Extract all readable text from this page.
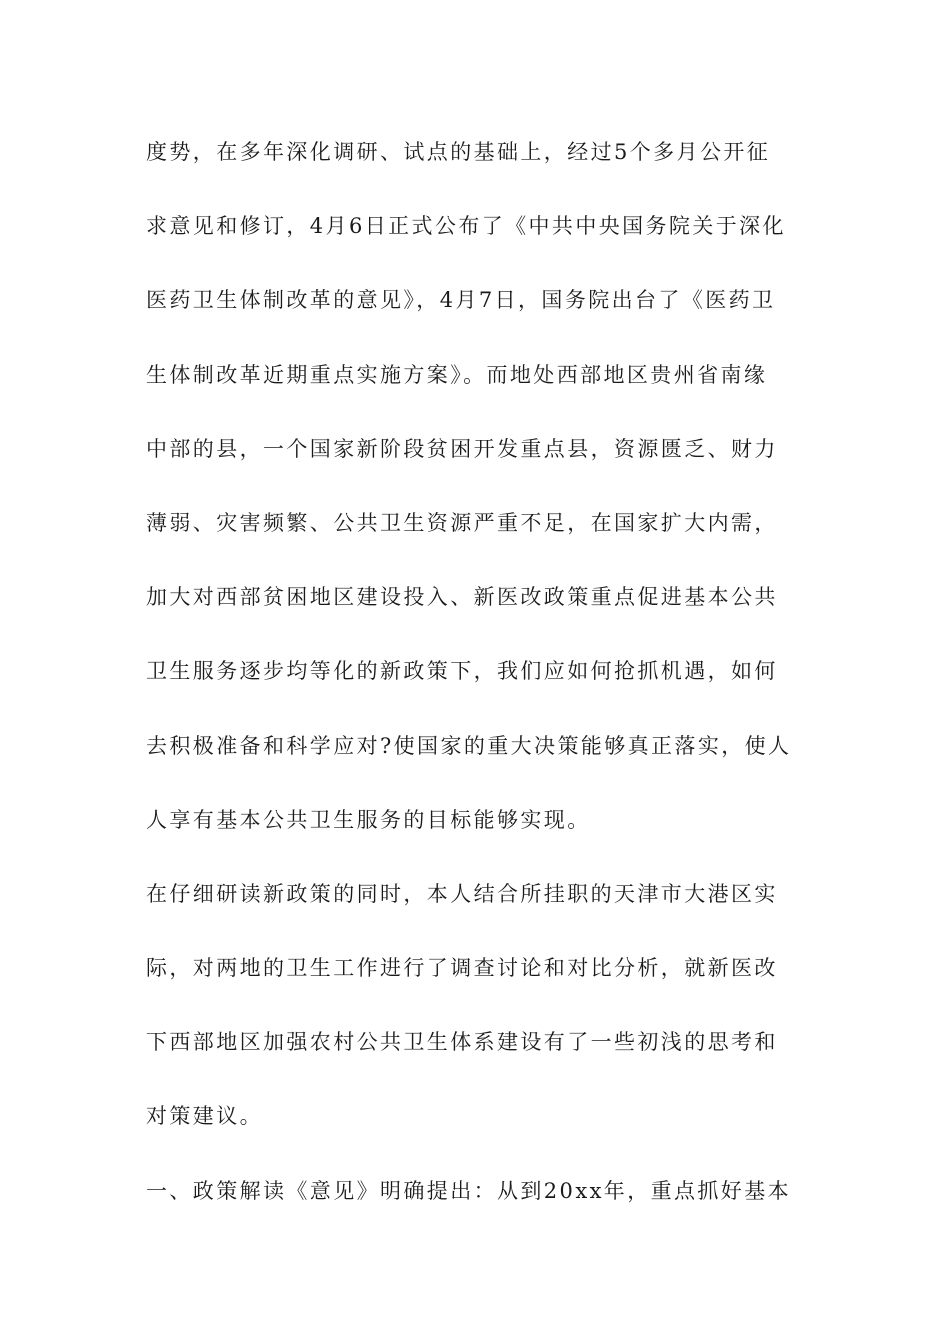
度势，在多年深化调研、试点的基础上，经过5个多月公开征
求意见和修订，4月6日正式公布了《中共中央国务院关于深化
医药卫生体制改革的意见》，4月7日，国务院出台了《医药卫
生体制改革近期重点实施方案》。而地处西部地区贵州省南缘
中部的县，一个国家新阶段贫困开发重点县，资源匮乏、财力
薄弱、灾害频繁、公共卫生资源严重不足，在国家扩大内需，
加大对西部贫困地区建设投入、新医改政策重点促进基本公共
卫生服务逐步均等化的新政策下，我们应如何抢抓机遇，如何
去积极准备和科学应对?使国家的重大决策能够真正落实，使人
人享有基本公共卫生服务的目标能够实现。
在仔细研读新政策的同时，本人结合所挂职的天津市大港区实
际，对两地的卫生工作进行了调查讨论和对比分析，就新医改
下西部地区加强农村公共卫生体系建设有了一些初浅的思考和
对策建议。
一、政策解读《意见》明确提出：从到20xx年，重点抓好基本
